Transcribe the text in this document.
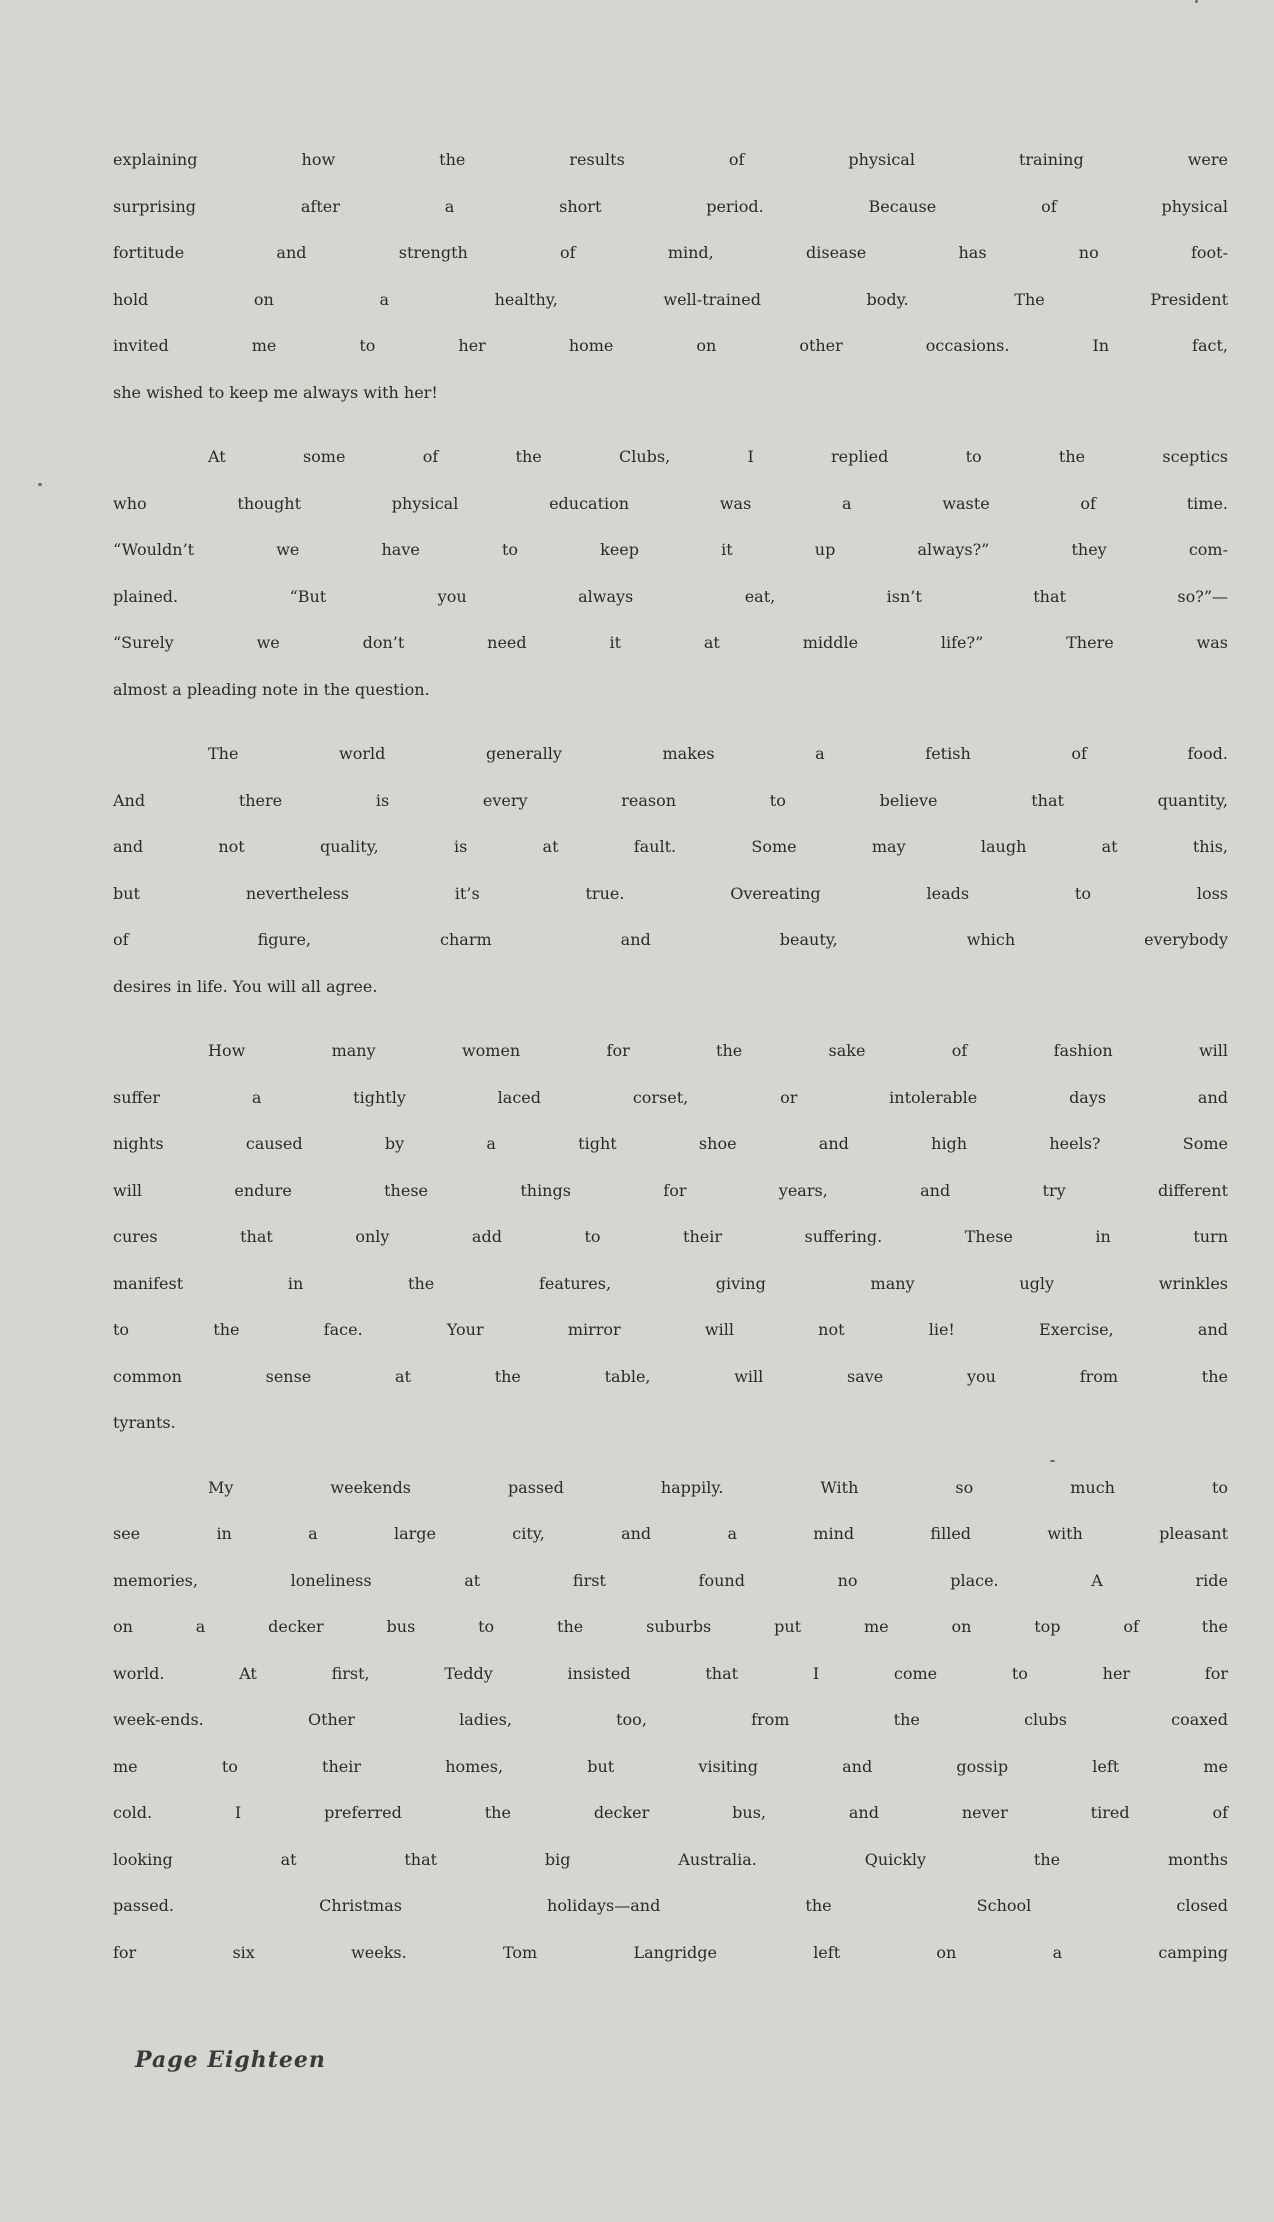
explaining how the results of physical training were
surprising after a short period. Because of physical
fortitude and strength of mind, disease has no foot-
hold on a healthy, well-trained body. The President
invited me to her home on other occasions. In fact,
she wished to keep me always with her!
At some of the Clubs, I replied to the sceptics
who thought physical education was a waste of time.
“Wouldn’t we have to keep it up always?” they com-
plained. “But you always eat, isn’t that so?”—
“Surely we don’t need it at middle life?” There was
almost a pleading note in the question.
The world generally makes a fetish of food.
And there is every reason to believe that quantity,
and not quality, is at fault. Some may laugh at this,
but nevertheless it’s true. Overeating leads to loss
of figure, charm and beauty, which everybody
desires in life. You will all agree.
How many women for the sake of fashion will
suffer a tightly laced corset, or intolerable days and
nights caused by a tight shoe and high heels? Some
will endure these things for years, and try different
cures that only add to their suffering. These in turn
manifest in the features, giving many ugly wrinkles
to the face. Your mirror will not lie! Exercise, and
common sense at the table, will save you from the
tyrants.
My weekends passed happily. With so much to
see in a large city, and a mind filled with pleasant
memories, loneliness at first found no place. A ride
on a decker bus to the suburbs put me on top of the
world. At first, Teddy insisted that I come to her for
week-ends. Other ladies, too, from the clubs coaxed
me to their homes, but visiting and gossip left me
cold. I preferred the decker bus, and never tired of
looking at that big Australia. Quickly the months
passed. Christmas holidays—and the School closed
for six weeks. Tom Langridge left on a camping
Page Eighteen
